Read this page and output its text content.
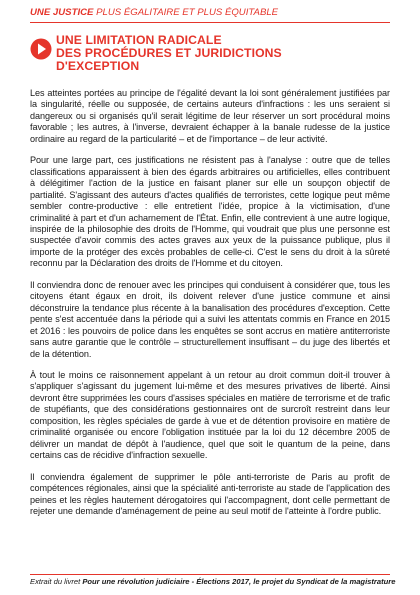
UNE JUSTICE PLUS ÉGALITAIRE ET PLUS ÉQUITABLE
UNE LIMITATION RADICALE
DES PROCÉDURES ET JURIDICTIONS
D'EXCEPTION

Les atteintes portées au principe de l'égalité devant la loi sont généralement justifiées par la singularité, réelle ou supposée, de certains auteurs d'infractions : les uns seraient si dangereux ou si organisés qu'il serait légitime de leur réserver un sort procédural moins favorable ; les autres, à l'inverse, devraient échapper à la banale rudesse de la justice ordinaire au regard de la particularité – et de l'importance – de leur activité.

Pour une large part, ces justifications ne résistent pas à l'analyse : outre que de telles classifications apparaissent à bien des égards arbitraires ou artificielles, elles contribuent à délégitimer l'action de la justice en faisant planer sur elle un soupçon objectif de partialité. S'agissant des auteurs d'actes qualifiés de terroristes, cette logique peut même sembler contre-productive : elle entretient l'idée, propice à la victimisation, d'une criminalité à part et d'un acharnement de l'État. Enfin, elle contrevient à une autre logique, inspirée de la philosophie des droits de l'Homme, qui voudrait que plus une personne est suspectée d'avoir commis des actes graves aux yeux de la puissance publique, plus il importe de la protéger des excès probables de celle-ci. C'est le sens du droit à la sûreté reconnu par la Déclaration des droits de l'Homme et du citoyen.

Il conviendra donc de renouer avec les principes qui conduisent à considérer que, tous les citoyens étant égaux en droit, ils doivent relever d'une justice commune et ainsi déconstruire la tendance plus récente à la banalisation des procédures d'exception. Cette pente s'est accentuée dans la période qui a suivi les attentats commis en France en 2015 et 2016 : les pouvoirs de police dans les enquêtes se sont accrus en matière antiterroriste sans autre garantie que le contrôle – structurellement insuffisant – du juge des libertés et de la détention.

À tout le moins ce raisonnement appelant à un retour au droit commun doit-il trouver à s'appliquer s'agissant du jugement lui-même et des mesures privatives de liberté. Ainsi devront être supprimées les cours d'assises spéciales en matière de terrorisme et de trafic de stupéfiants, que des considérations gestionnaires ont de surcroît restreint dans leur composition, les règles spéciales de garde à vue et de détention provisoire en matière de criminalité organisée ou encore l'obligation instituée par la loi du 12 décembre 2005 de délivrer un mandat de dépôt à l'audience, quel que soit le quantum de la peine, dans certains cas de récidive d'infraction sexuelle.

Il conviendra également de supprimer le pôle anti-terroriste de Paris au profit de compétences régionales, ainsi que la spécialité anti-terroriste au stade de l'application des peines et les règles hautement dérogatoires qui l'accompagnent, dont celle permettant de rejeter une demande d'aménagement de peine au seul motif de l'atteinte à l'ordre public.

Extrait du livret Pour une révolution judiciaire - Élections 2017, le projet du Syndicat de la magistrature
